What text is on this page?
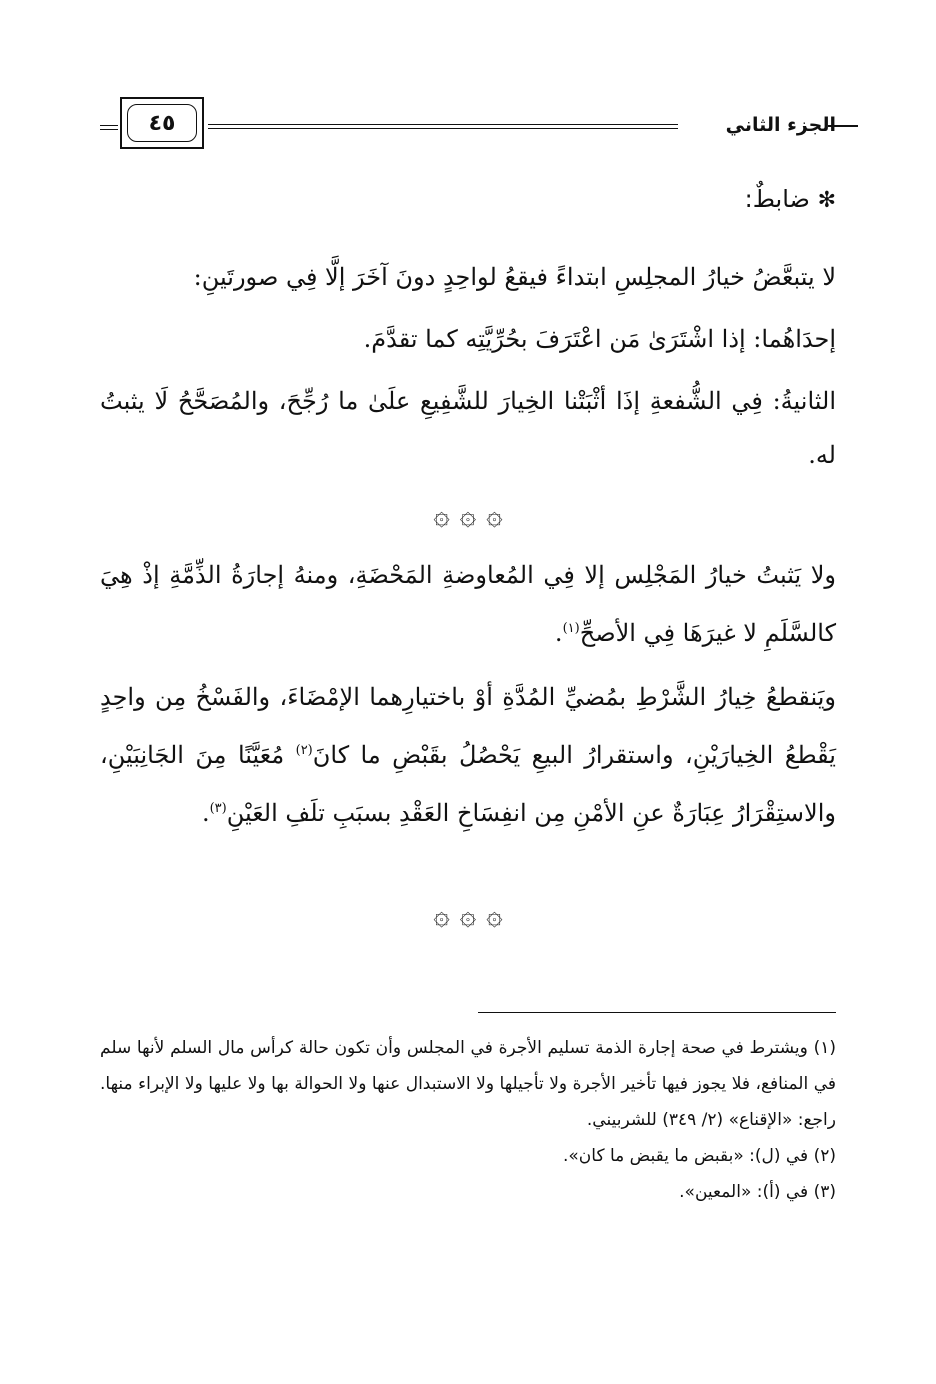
الجزء الثاني
٤٥
✻ ضابطٌ:
لا يتبعَّضُ خيارُ المجلِسِ ابتداءً فيقعُ لواحِدٍ دونَ آخَرَ إلَّا فِي صورتَينِ:
إحدَاهُما: إذا اشْتَرَىٰ مَن اعْتَرَفَ بحُرِّيَّتِه كما تقدَّمَ.
الثانيةُ: فِي الشُّفعةِ إذَا أثْبَتْنا الخِيارَ للشَّفِيعِ علَىٰ ما رُجِّحَ، والمُصَحَّحُ لَا يثبتُ له.
۞ ۞ ۞
ولا يَثبتُ خيارُ المَجْلِس إلا فِي المُعاوضةِ المَحْضَةِ، ومنهُ إجارَةُ الذِّمَّةِ إذْ هِيَ كالسَّلَمِ لا غيرَهَا فِي الأصحِّ$^{(١)}$.
ويَنقطعُ خِيارُ الشَّرْطِ بمُضيِّ المُدَّةِ أوْ باختيارِهما الإمْضَاءَ، والفَسْخُ مِن واحِدٍ يَقْطعُ الخِيارَيْنِ، واستقرارُ البيعِ يَحْصُلُ بقَبْضِ ما كانَ$^{(٢)}$ مُعَيَّنًا مِنَ الجَانِبَيْنِ، والاستِقْرَارُ عِبَارَةٌ عنِ الأمْنِ مِن انفِسَاخِ العَقْدِ بسبَبِ تلَفِ العَيْنِ$^{(٣)}$.
۞ ۞ ۞
(١) ويشترط في صحة إجارة الذمة تسليم الأجرة في المجلس وأن تكون حالة كرأس مال السلم لأنها سلم في المنافع، فلا يجوز فيها تأخير الأجرة ولا تأجيلها ولا الاستبدال عنها ولا الحوالة بها ولا عليها ولا الإبراء منها. راجع: «الإقناع» (٢/ ٣٤٩) للشربيني.
(٢) في (ل): «بقبض ما يقبض ما كان».
(٣) في (أ): «المعين».
